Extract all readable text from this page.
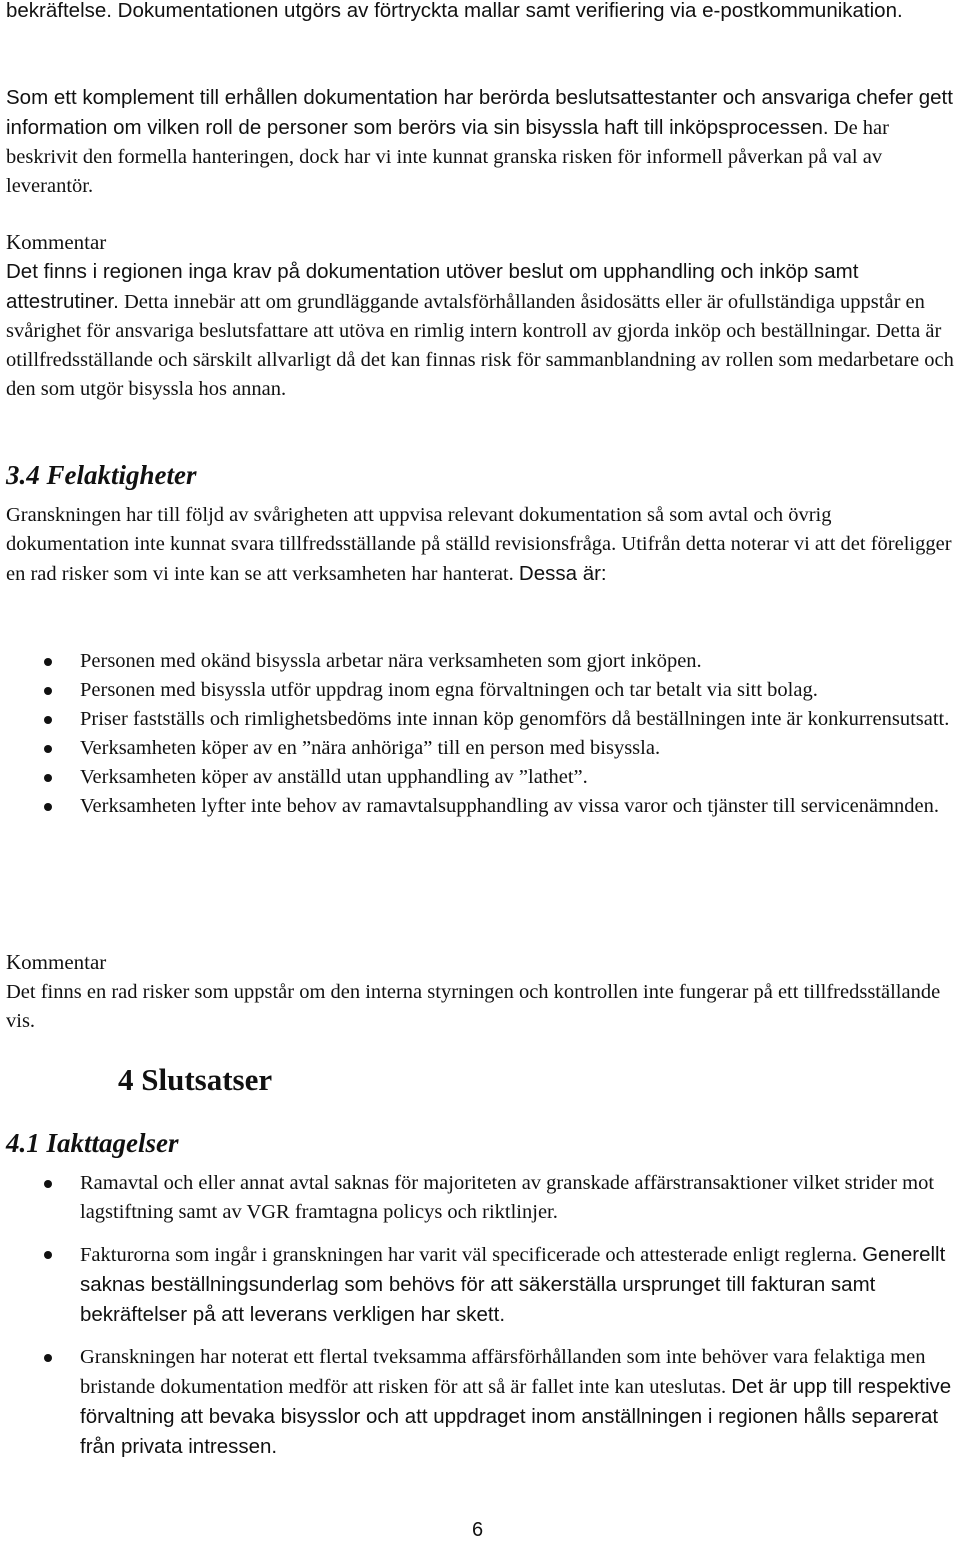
bekräftelse. Dokumentationen utgörs av förtryckta mallar samt verifiering via e-postkommunikation.
Som ett komplement till erhållen dokumentation har berörda beslutsattestanter och ansvariga chefer gett information om vilken roll de personer som berörs via sin bisyssla haft till inköpsprocessen. De har beskrivit den formella hanteringen, dock har vi inte kunnat granska risken för informell påverkan på val av leverantör.
Kommentar
Det finns i regionen inga krav på dokumentation utöver beslut om upphandling och inköp samt attestrutiner. Detta innebär att om grundläggande avtalsförhållanden åsidosätts eller är ofullständiga uppstår en svårighet för ansvariga beslutsfattare att utöva en rimlig intern kontroll av gjorda inköp och beställningar. Detta är otillfredsställande och särskilt allvarligt då det kan finnas risk för sammanblandning av rollen som medarbetare och den som utgör bisyssla hos annan.
3.4 Felaktigheter
Granskningen har till följd av svårigheten att uppvisa relevant dokumentation så som avtal och övrig dokumentation inte kunnat svara tillfredsställande på ställd revisionsfråga. Utifrån detta noterar vi att det föreligger en rad risker som vi inte kan se att verksamheten har hanterat. Dessa är:
Personen med okänd bisyssla arbetar nära verksamheten som gjort inköpen.
Personen med bisyssla utför uppdrag inom egna förvaltningen och tar betalt via sitt bolag.
Priser fastställs och rimlighetsbedöms inte innan köp genomförs då beställningen inte är konkurrensutsatt.
Verksamheten köper av en ”nära anhöriga” till en person med bisyssla.
Verksamheten köper av anställd utan upphandling av ”lathet”.
Verksamheten lyfter inte behov av ramavtalsupphandling av vissa varor och tjänster till servicenämnden.
Kommentar
Det finns en rad risker som uppstår om den interna styrningen och kontrollen inte fungerar på ett tillfredsställande vis.
4 Slutsatser
4.1 Iakttagelser
Ramavtal och eller annat avtal saknas för majoriteten av granskade affärstransaktioner vilket strider mot lagstiftning samt av VGR framtagna policys och riktlinjer.
Fakturorna som ingår i granskningen har varit väl specificerade och attesterade enligt reglerna. Generellt saknas beställningsunderlag som behövs för att säkerställa ursprunget till fakturan samt bekräftelser på att leverans verkligen har skett.
Granskningen har noterat ett flertal tveksamma affärsförhållanden som inte behöver vara felaktiga men bristande dokumentation medför att risken för att så är fallet inte kan uteslutas. Det är upp till respektive förvaltning att bevaka bisysslor och att uppdraget inom anställningen i regionen hålls separerat från privata intressen.
6
